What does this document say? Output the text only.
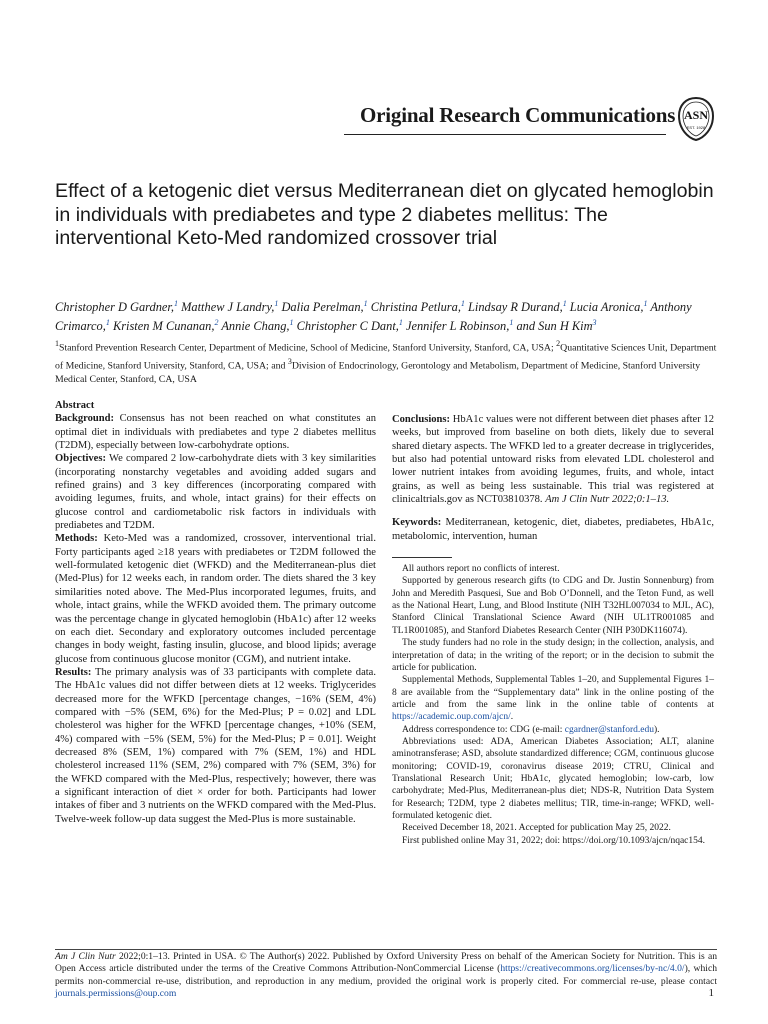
Original Research Communications ASN
EST. 1928
Effect of a ketogenic diet versus Mediterranean diet on glycated hemoglobin in individuals with prediabetes and type 2 diabetes mellitus: The interventional Keto-Med randomized crossover trial
Christopher D Gardner,$^1$ Matthew J Landry,$^1$ Dalia Perelman,$^1$ Christina Petlura,$^1$ Lindsay R Durand,$^1$ Lucia Aronica,$^1$ Anthony Crimarco,$^1$ Kristen M Cunanan,$^2$ Annie Chang,$^1$ Christopher C Dant,$^1$ Jennifer L Robinson,$^1$ and Sun H Kim$^3$
$^1$Stanford Prevention Research Center, Department of Medicine, School of Medicine, Stanford University, Stanford, CA, USA; $^2$Quantitative Sciences Unit, Department of Medicine, Stanford University, Stanford, CA, USA; and $^3$Division of Endocrinology, Gerontology and Metabolism, Department of Medicine, Stanford University Medical Center, Stanford, CA, USA
Abstract

Background: Consensus has not been reached on what constitutes an optimal diet in individuals with prediabetes and type 2 diabetes mellitus (T2DM), especially between low-carbohydrate options.

Objectives: We compared 2 low-carbohydrate diets with 3 key similarities (incorporating nonstarchy vegetables and avoiding added sugars and refined grains) and 3 key differences (incorporating compared with avoiding legumes, fruits, and whole, intact grains) for their effects on glucose control and cardiometabolic risk factors in individuals with prediabetes and T2DM.

Methods: Keto-Med was a randomized, crossover, interventional trial. Forty participants aged ≥18 years with prediabetes or T2DM followed the well-formulated ketogenic diet (WFKD) and the Mediterranean-plus diet (Med-Plus) for 12 weeks each, in random order. The diets shared the 3 key similarities noted above. The Med-Plus incorporated legumes, fruits, and whole, intact grains, while the WFKD avoided them. The primary outcome was the percentage change in glycated hemoglobin (HbA1c) after 12 weeks on each diet. Secondary and exploratory outcomes included percentage changes in body weight, fasting insulin, glucose, and blood lipids; average glucose from continuous glucose monitor (CGM), and nutrient intake.

Results: The primary analysis was of 33 participants with complete data. The HbA1c values did not differ between diets at 12 weeks. Triglycerides decreased more for the WFKD [percentage changes, −16% (SEM, 4%) compared with −5% (SEM, 6%) for the Med-Plus; P = 0.02] and LDL cholesterol was higher for the WFKD [percentage changes, +10% (SEM, 4%) compared with −5% (SEM, 5%) for the Med-Plus; P = 0.01]. Weight decreased 8% (SEM, 1%) compared with 7% (SEM, 1%) and HDL cholesterol increased 11% (SEM, 2%) compared with 7% (SEM, 3%) for the WFKD compared with the Med-Plus, respectively; however, there was a significant interaction of diet × order for both. Participants had lower intakes of fiber and 3 nutrients on the WFKD compared with the Med-Plus. Twelve-week follow-up data suggest the Med-Plus is more sustainable.

Conclusions: HbA1c values were not different between diet phases after 12 weeks, but improved from baseline on both diets, likely due to several shared dietary aspects. The WFKD led to a greater decrease in triglycerides, but also had potential untoward risks from elevated LDL cholesterol and lower nutrient intakes from avoiding legumes, fruits, and whole, intact grains, as well as being less sustainable. This trial was registered at clinicaltrials.gov as NCT03810378. Am J Clin Nutr 2022;0:1–13.

Keywords: Mediterranean, ketogenic, diet, diabetes, prediabetes, HbA1c, metabolomic, intervention, human

All authors report no conflicts of interest.

Supported by generous research gifts (to CDG and Dr. Justin Sonnenburg) from John and Meredith Pasquesi, Sue and Bob O’Donnell, and the Teton Fund, as well as the National Heart, Lung, and Blood Institute (NIH T32HL007034 to MJL, AC), Stanford Clinical Translational Science Award (NIH UL1TR001085 and TL1R001085), and Stanford Diabetes Research Center (NIH P30DK116074).

The study funders had no role in the study design; in the collection, analysis, and interpretation of data; in the writing of the report; or in the decision to submit the article for publication.

Supplemental Methods, Supplemental Tables 1–20, and Supplemental Figures 1–8 are available from the “Supplementary data” link in the online posting of the article and from the same link in the online table of contents at https://academic.oup.com/ajcn/.

Address correspondence to: CDG (e-mail: cgardner@stanford.edu).

Abbreviations used: ADA, American Diabetes Association; ALT, alanine aminotransferase; ASD, absolute standardized difference; CGM, continuous glucose monitoring; COVID-19, coronavirus disease 2019; CTRU, Clinical and Translational Research Unit; HbA1c, glycated hemoglobin; low-carb, low carbohydrate; Med-Plus, Mediterranean-plus diet; NDS-R, Nutrition Data System for Research; T2DM, type 2 diabetes mellitus; TIR, time-in-range; WFKD, well-formulated ketogenic diet.

Received December 18, 2021. Accepted for publication May 25, 2022.

First published online May 31, 2022; doi: https://doi.org/10.1093/ajcn/nqac154.

Am J Clin Nutr 2022;0:1–13. Printed in USA. © The Author(s) 2022. Published by Oxford University Press on behalf of the American Society for Nutrition. This is an Open Access article distributed under the terms of the Creative Commons Attribution-NonCommercial License (https://creativecommons.org/licenses/by-nc/4.0/), which permits non-commercial re-use, distribution, and reproduction in any medium, provided the original work is properly cited. For commercial re-use, please contact journals.permissions@oup.com	1
